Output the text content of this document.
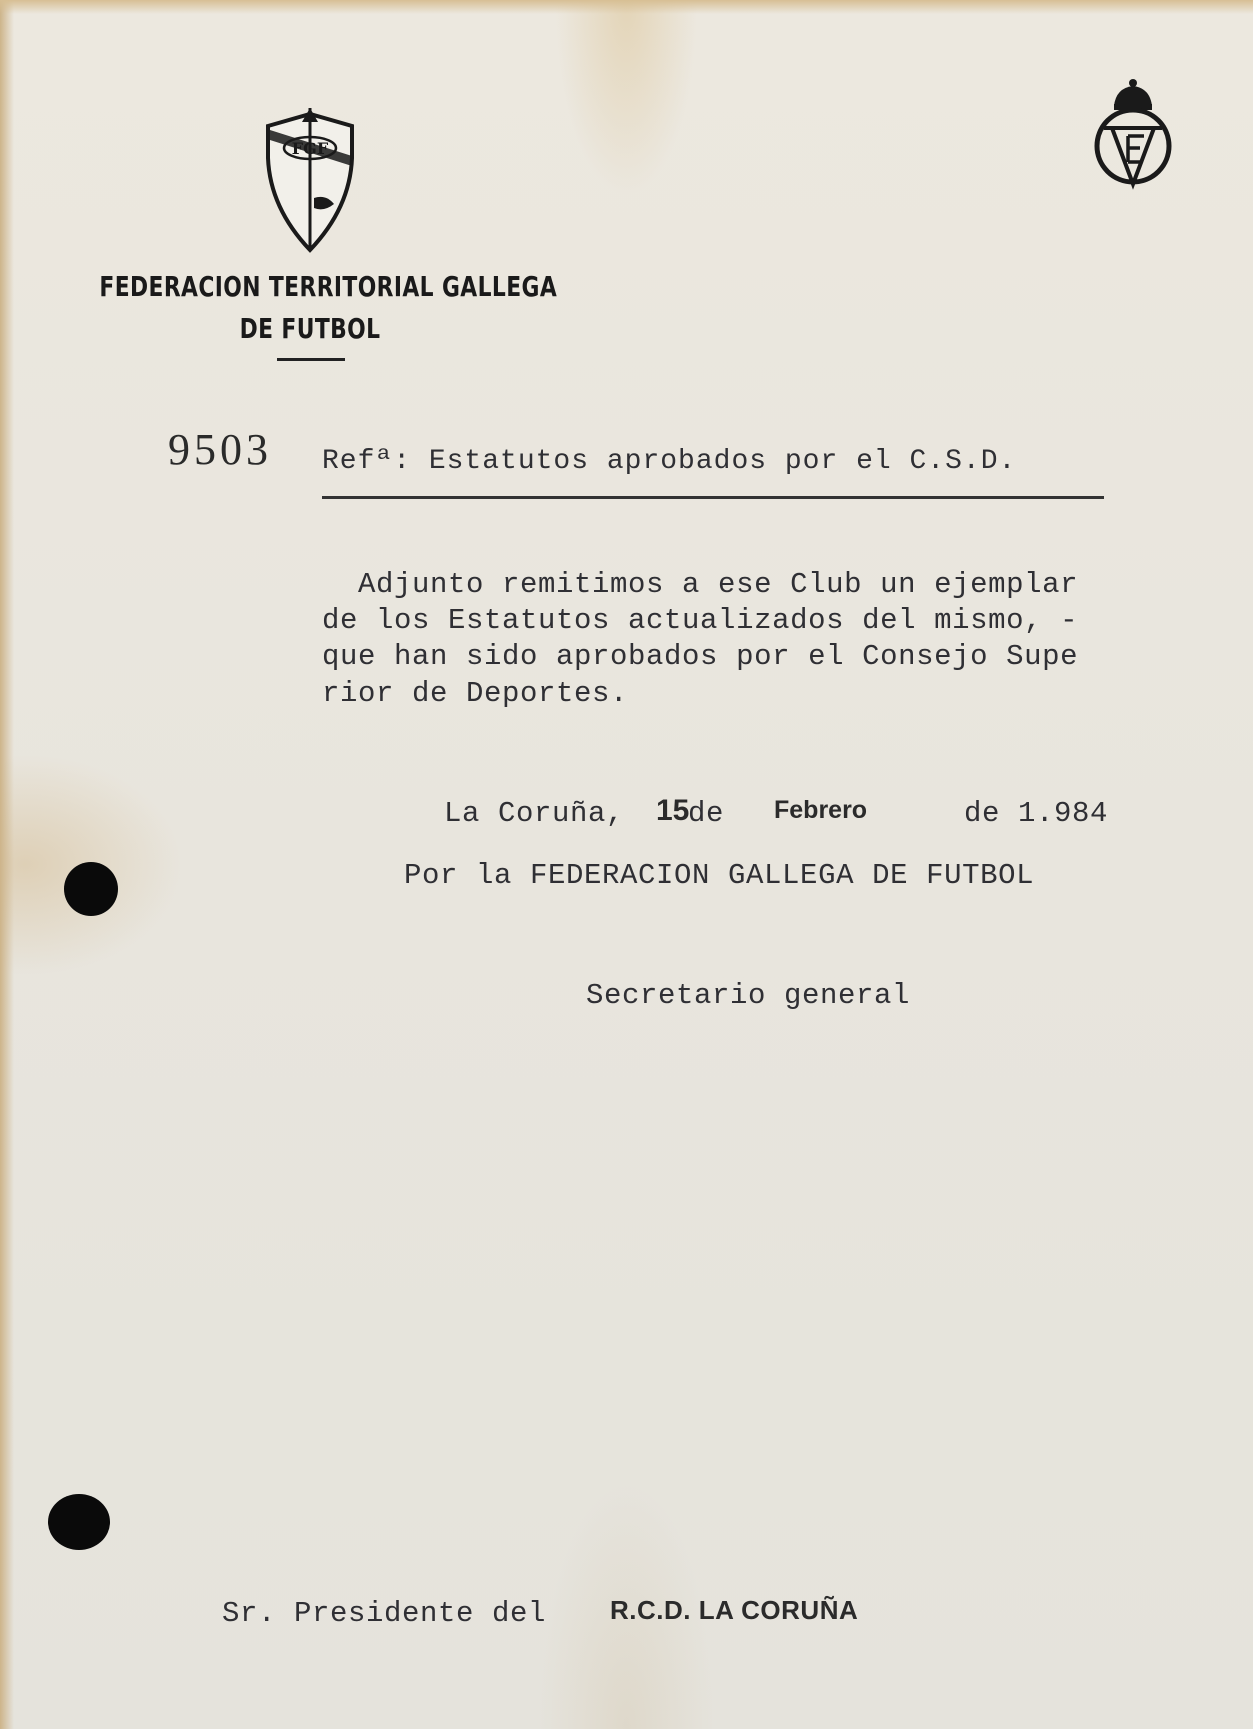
FGF
FEDERACION TERRITORIAL GALLEGA
DE FUTBOL
9503 Refª: Estatutos aprobados por el C.S.D.
Adjunto remitimos a ese Club un ejemplar
de los Estatutos actualizados del mismo, -
que han sido aprobados por el Consejo Supe
rior de Deportes.
La Coruña, 15
de Febrero	de 1.984
Por la FEDERACION GALLEGA DE FUTBOL
Secretario general
Sr. Presidente del R.C.D. LA CORUÑA
